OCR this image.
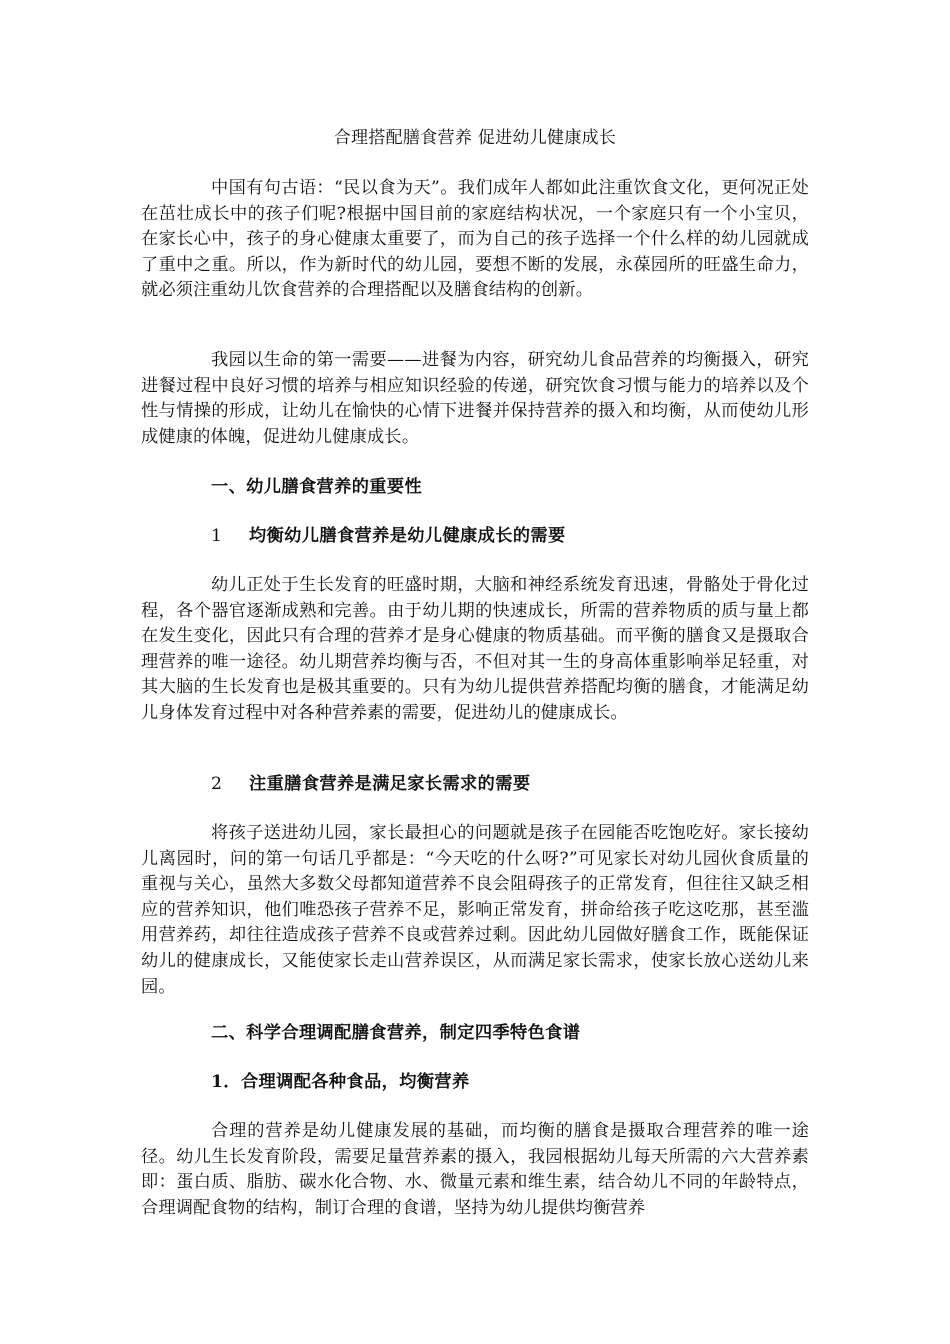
合理搭配膳食营养 促进幼儿健康成长

中国有句古语：“民以食为天”。我们成年人都如此注重饮食文化，更何况正处在茁壮成长中的孩子们呢?根据中国目前的家庭结构状况，一个家庭只有一个小宝贝，在家长心中，孩子的身心健康太重要了，而为自己的孩子选择一个什么样的幼儿园就成了重中之重。所以，作为新时代的幼儿园，要想不断的发展，永葆园所的旺盛生命力，就必须注重幼儿饮食营养的合理搭配以及膳食结构的创新。

我园以生命的第一需要——进餐为内容，研究幼儿食品营养的均衡摄入，研究进餐过程中良好习惯的培养与相应知识经验的传递，研究饮食习惯与能力的培养以及个性与情操的形成，让幼儿在愉快的心情下进餐并保持营养的摄入和均衡，从而使幼儿形成健康的体魄，促进幼儿健康成长。

一、幼儿膳食营养的重要性

1 均衡幼儿膳食营养是幼儿健康成长的需要

幼儿正处于生长发育的旺盛时期，大脑和神经系统发育迅速，骨骼处于骨化过程，各个器官逐渐成熟和完善。由于幼儿期的快速成长，所需的营养物质的质与量上都在发生变化，因此只有合理的营养才是身心健康的物质基础。而平衡的膳食又是摄取合理营养的唯一途径。幼儿期营养均衡与否，不但对其一生的身高体重影响举足轻重，对其大脑的生长发育也是极其重要的。只有为幼儿提供营养搭配均衡的膳食，才能满足幼儿身体发育过程中对各种营养素的需要，促进幼儿的健康成长。

2 注重膳食营养是满足家长需求的需要

将孩子送进幼儿园，家长最担心的问题就是孩子在园能否吃饱吃好。家长接幼儿离园时，问的第一句话几乎都是：“今天吃的什么呀?”可见家长对幼儿园伙食质量的重视与关心，虽然大多数父母都知道营养不良会阻碍孩子的正常发育，但往往又缺乏相应的营养知识，他们唯恐孩子营养不足，影响正常发育，拼命给孩子吃这吃那，甚至滥用营养药，却往往造成孩子营养不良或营养过剩。因此幼儿园做好膳食工作，既能保证幼儿的健康成长，又能使家长走山营养误区，从而满足家长需求，使家长放心送幼儿来园。

二、科学合理调配膳食营养，制定四季特色食谱

1．合理调配各种食品，均衡营养

合理的营养是幼儿健康发展的基础，而均衡的膳食是摄取合理营养的唯一途径。幼儿生长发育阶段，需要足量营养素的摄入，我园根据幼儿每天所需的六大营养素即：蛋白质、脂肪、碳水化合物、水、微量元素和维生素，结合幼儿不同的年龄特点，合理调配食物的结构，制订合理的食谱，坚持为幼儿提供均衡营养
